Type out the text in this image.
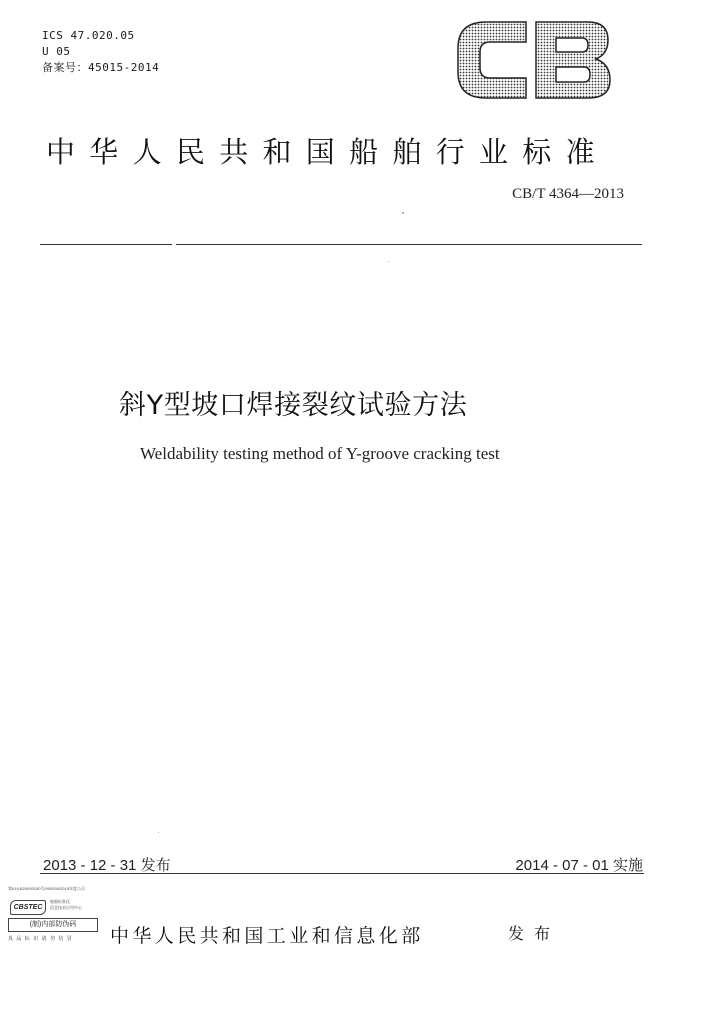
ICS 47.020.05
U 05
备案号：45015-2014
中华人民共和国船舶行业标准
CB/T 4364—2013
斜Y型坡口焊接裂纹试验方法
Weldability testing method of Y-groove cracking test
2013 - 12 - 31 发布	2014 - 07 - 01 实施
第019-B20000150号/000000/2015年度公示
CBSTEC
船舶标准化
信息技术应用中心
(制)内部防伪码
真 品 标 识 请 勿 仿 冒 中华人民共和国工业和信息化部	发布
